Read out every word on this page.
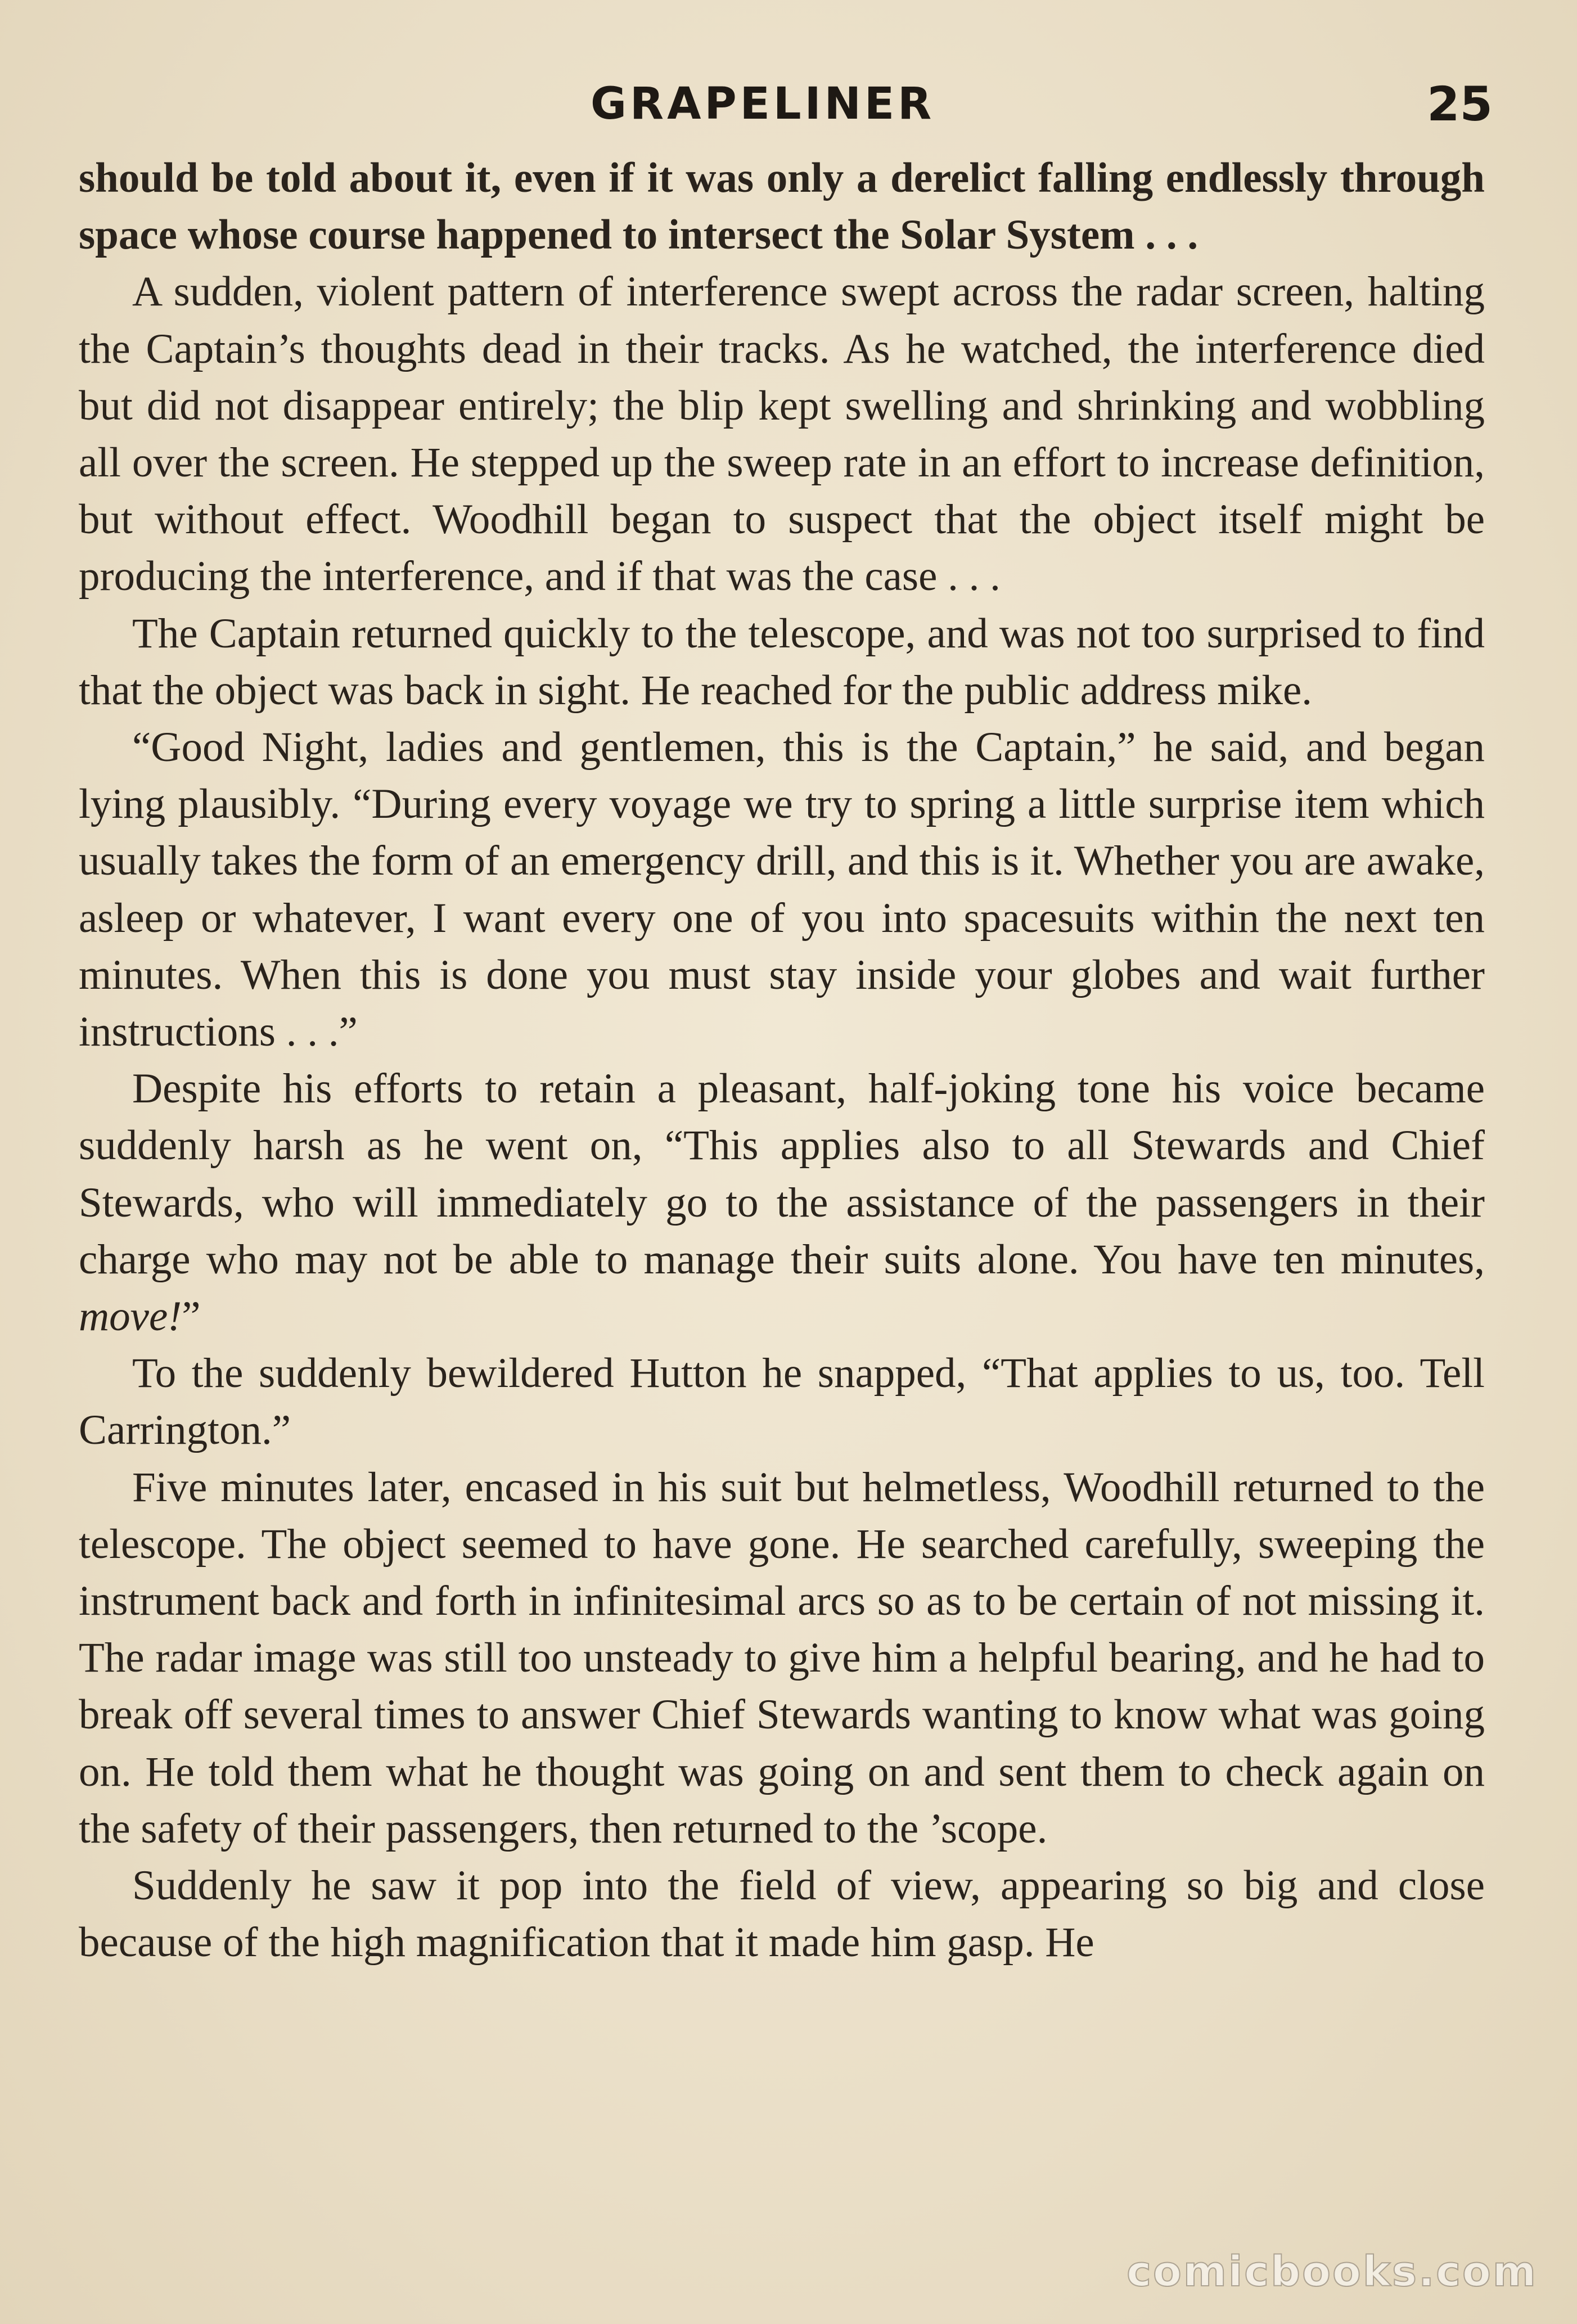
GRAPELINER	25

should be told about it, even if it was only a derelict falling endlessly through space whose course happened to intersect the Solar System . . .

A sudden, violent pattern of interference swept across the radar screen, halting the Captain’s thoughts dead in their tracks. As he watched, the interference died but did not disappear entirely; the blip kept swelling and shrinking and wobbling all over the screen. He stepped up the sweep rate in an effort to increase definition, but without effect. Woodhill began to suspect that the object itself might be producing the interference, and if that was the case . . .

The Captain returned quickly to the telescope, and was not too surprised to find that the object was back in sight. He reached for the public address mike.

“Good Night, ladies and gentlemen, this is the Captain,” he said, and began lying plausibly. “During every voyage we try to spring a little surprise item which usually takes the form of an emergency drill, and this is it. Whether you are awake, asleep or whatever, I want every one of you into spacesuits within the next ten minutes. When this is done you must stay inside your globes and wait further instructions . . .”

Despite his efforts to retain a pleasant, half-joking tone his voice became suddenly harsh as he went on, “This applies also to all Stewards and Chief Stewards, who will immediately go to the assistance of the passengers in their charge who may not be able to manage their suits alone. You have ten minutes, move!”

To the suddenly bewildered Hutton he snapped, “That applies to us, too. Tell Carrington.”

Five minutes later, encased in his suit but helmetless, Woodhill returned to the telescope. The object seemed to have gone. He searched carefully, sweeping the instrument back and forth in infinitesimal arcs so as to be certain of not missing it. The radar image was still too unsteady to give him a helpful bearing, and he had to break off several times to answer Chief Stewards wanting to know what was going on. He told them what he thought was going on and sent them to check again on the safety of their passengers, then returned to the ’scope.

Suddenly he saw it pop into the field of view, appearing so big and close because of the high magnification that it made him gasp. He

comicbooks.com
